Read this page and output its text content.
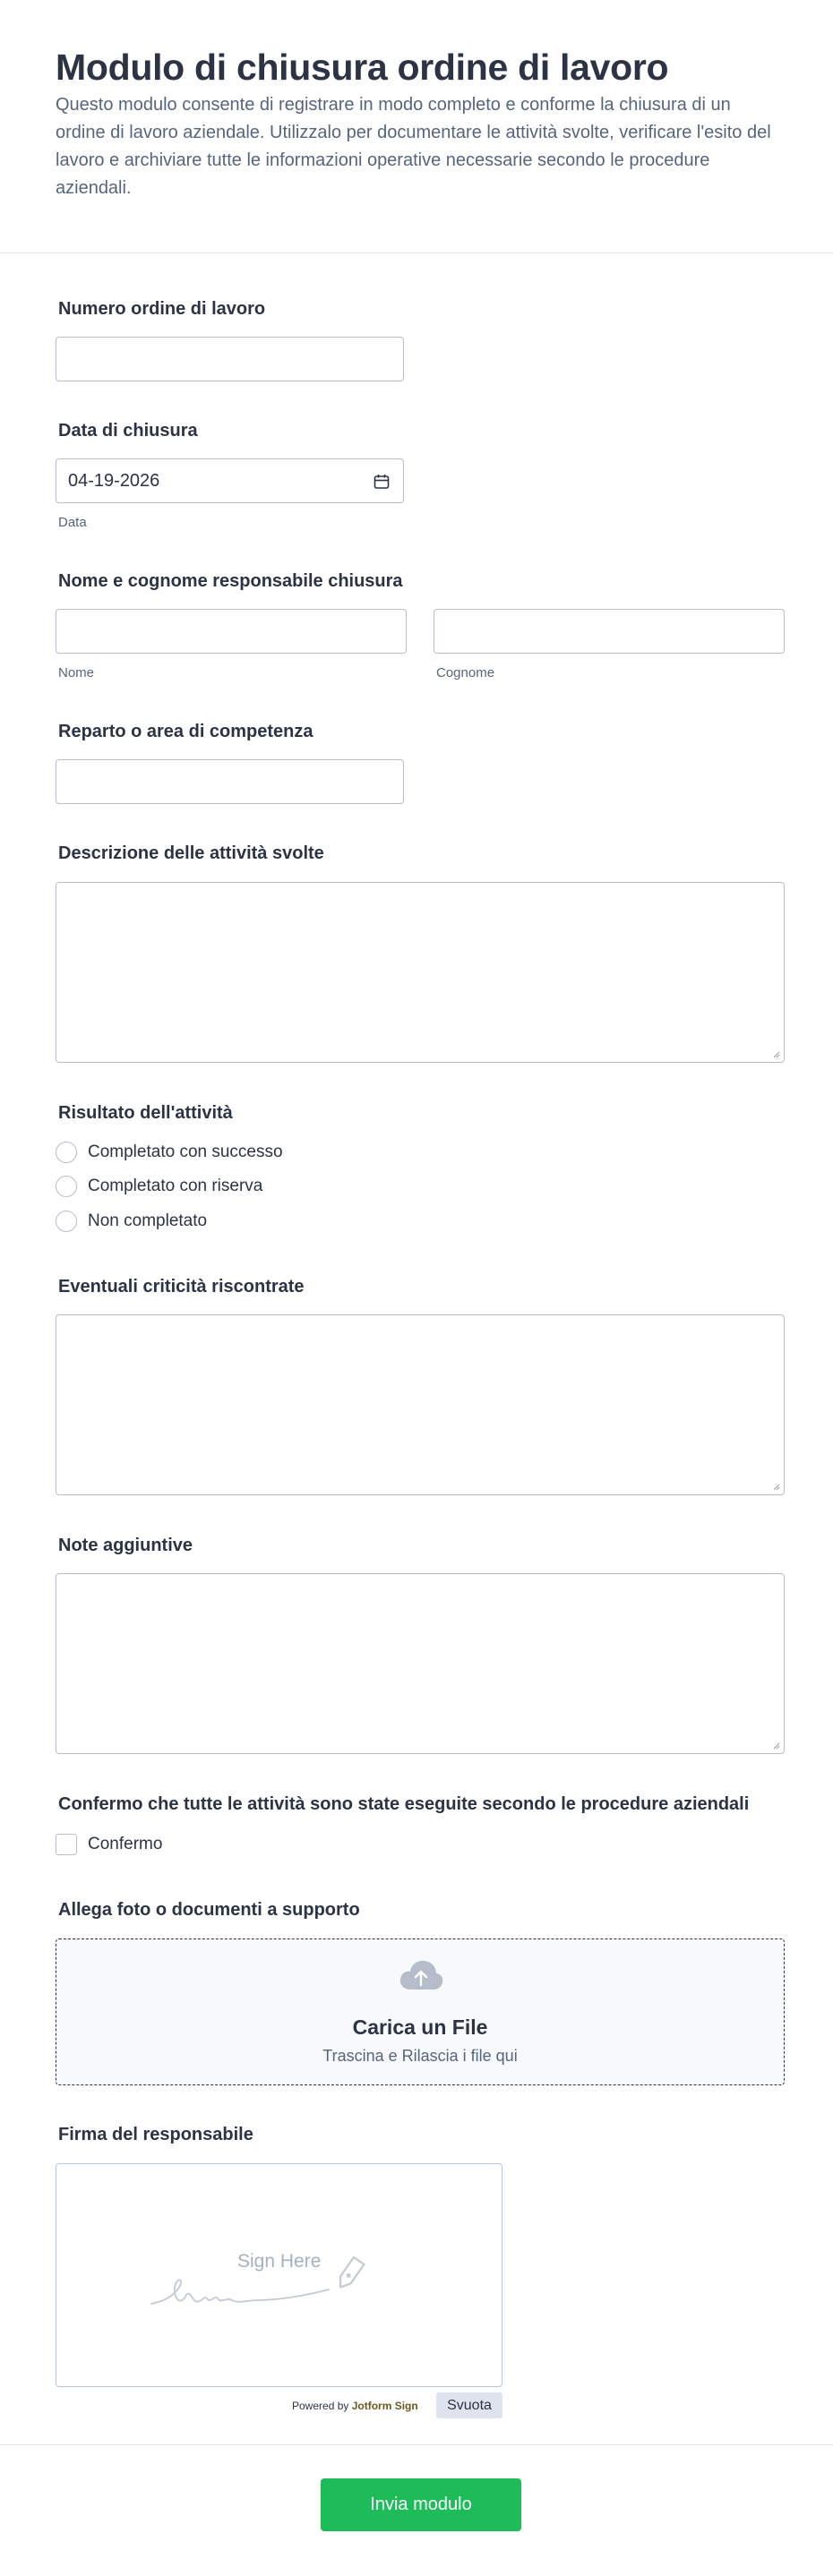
Modulo di chiusura ordine di lavoro

Questo modulo consente di registrare in modo completo e conforme la chiusura di un ordine di lavoro aziendale. Utilizzalo per documentare le attività svolte, verificare l'esito del lavoro e archiviare tutte le informazioni operative necessarie secondo le procedure aziendali.

Numero ordine di lavoro
Data di chiusura
04-19-2026
Data
Nome e cognome responsabile chiusura
Nome	Cognome
Reparto o area di competenza
Descrizione delle attività svolte
Risultato dell'attività
Completato con successo
Completato con riserva
Non completato
Eventuali criticità riscontrate
Note aggiuntive
Confermo che tutte le attività sono state eseguite secondo le procedure aziendali
Confermo
Allega foto o documenti a supporto
Carica un File
Trascina e Rilascia i file qui
Firma del responsabile
Sign Here
Powered by Jotform Sign	Svuota
Invia modulo
